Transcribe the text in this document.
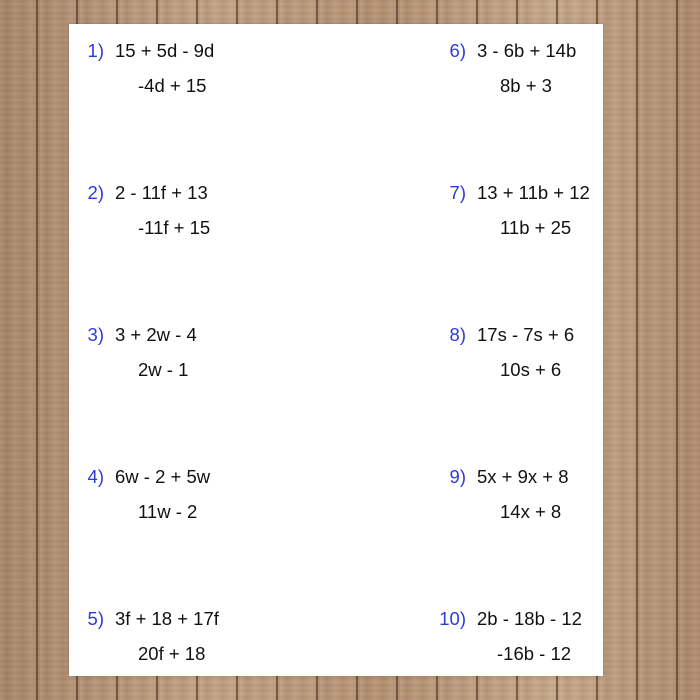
1) 15 + 5d - 9d
-4d + 15
2) 2 - 11f + 13
-11f + 15
3) 3 + 2w - 4
2w - 1
4) 6w - 2 + 5w
11w - 2
5) 3f + 18 + 17f
20f + 18
6) 3 - 6b + 14b
8b + 3
7) 13 + 11b + 12
11b + 25
8) 17s - 7s + 6
10s + 6
9) 5x + 9x + 8
14x + 8
10) 2b - 18b - 12
-16b - 12
